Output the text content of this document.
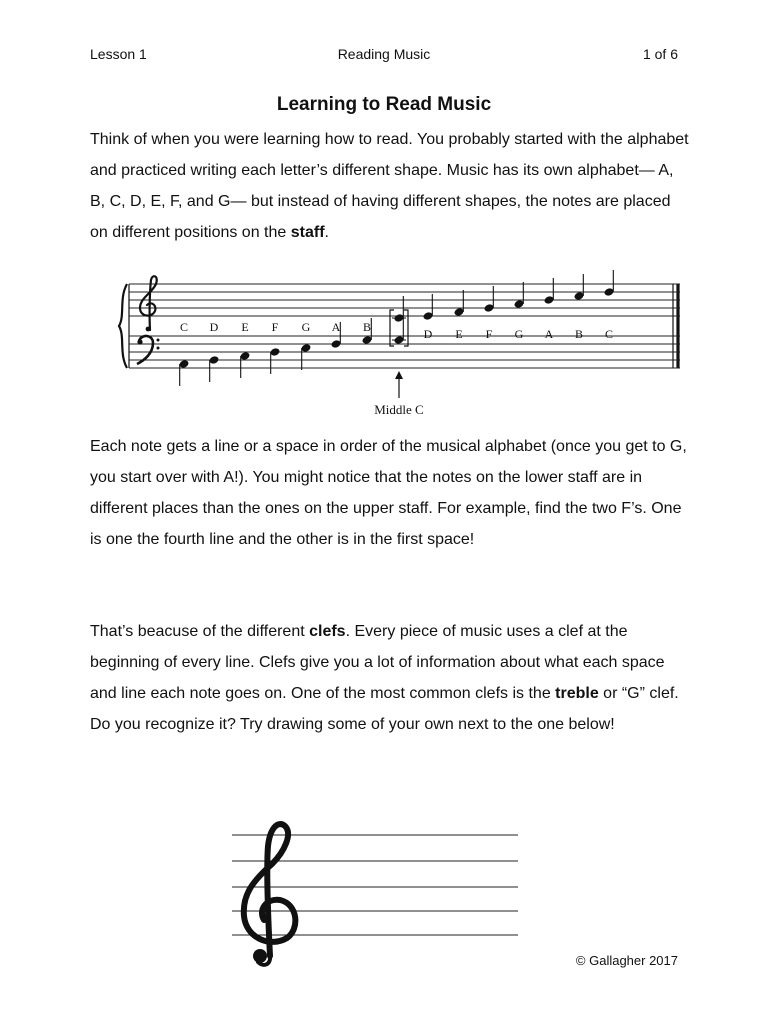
Lesson 1	Reading Music	1 of 6
Learning to Read Music

Think of when you were learning how to read. You probably started with the alphabet and practiced writing each letter’s different shape. Music has its own alphabet— A, B, C, D, E, F, and G— but instead of having different shapes, the notes are placed on different positions on the staff.

C D E F G A B	D E F G A B C
Middle C

Each note gets a line or a space in order of the musical alphabet (once you get to G, you start over with A!). You might notice that the notes on the lower staff are in different places than the ones on the upper staff. For example, find the two F’s. One is one the fourth line and the other is in the first space!

That’s beacuse of the different clefs. Every piece of music uses a clef at the beginning of every line. Clefs give you a lot of information about what each space and line each note goes on. One of the most common clefs is the treble or “G” clef. Do you recognize it? Try drawing some of your own next to the one below!

© Gallagher 2017
